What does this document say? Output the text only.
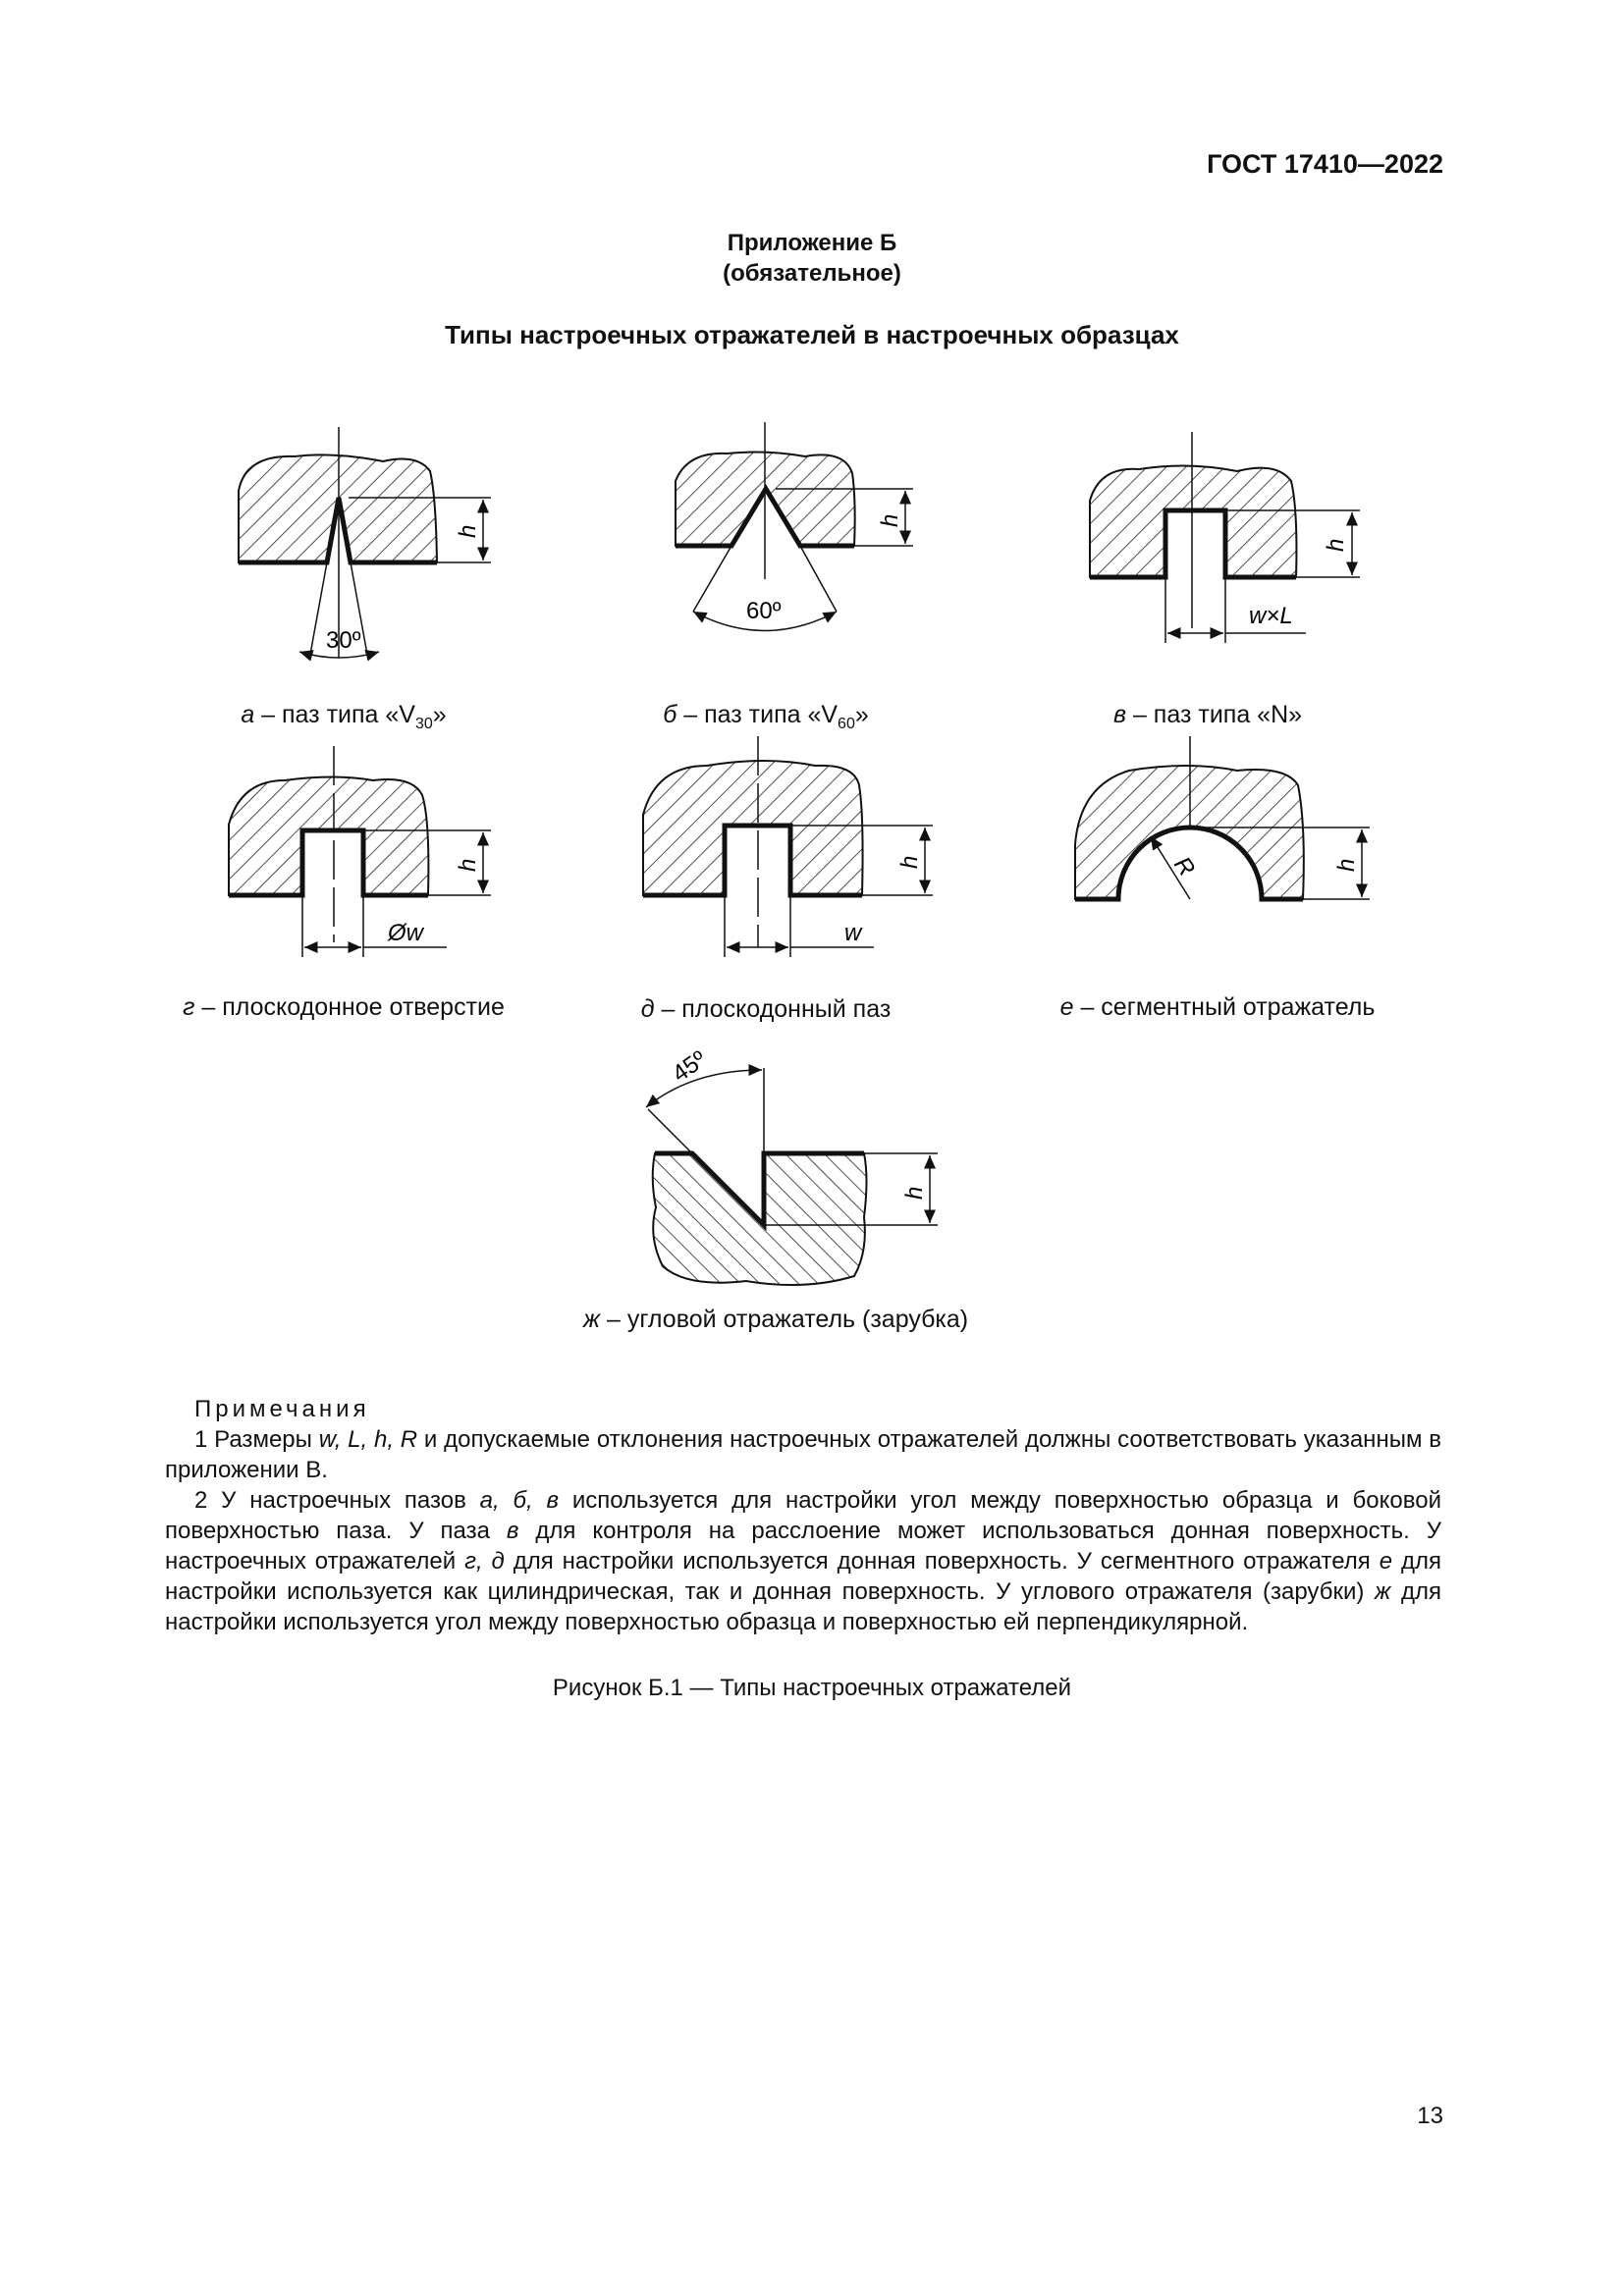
ГОСТ 17410—2022
Приложение Б
(обязательное)
Типы настроечных отражателей в настроечных образцах
30º
h
60º
h
w×L
h
Øw
h
w
h	R	h
45º
h
а – паз типа «$V_{30}$»	б – паз типа «$V_{60}$»	в – паз типа «N»
г – плоскодонное отверстие	д – плоскодонный паз	е – сегментный отражатель
ж – угловой отражатель (зарубка)

Примечания

1 Размеры w, L, h, R и допускаемые отклонения настроечных отражателей должны соответствовать указанным в приложении В.

2 У настроечных пазов а, б, в используется для настройки угол между поверхностью образца и боковой поверхностью паза. У паза в для контроля на расслоение может использоваться донная поверхность. У настроечных отражателей г, д для настройки используется донная поверхность. У сегментного отражателя е для настройки используется как цилиндрическая, так и донная поверхность. У углового отражателя (зарубки) ж для настройки используется угол между поверхностью образца и поверхностью ей перпендикулярной.

Рисунок Б.1 — Типы настроечных отражателей
13
